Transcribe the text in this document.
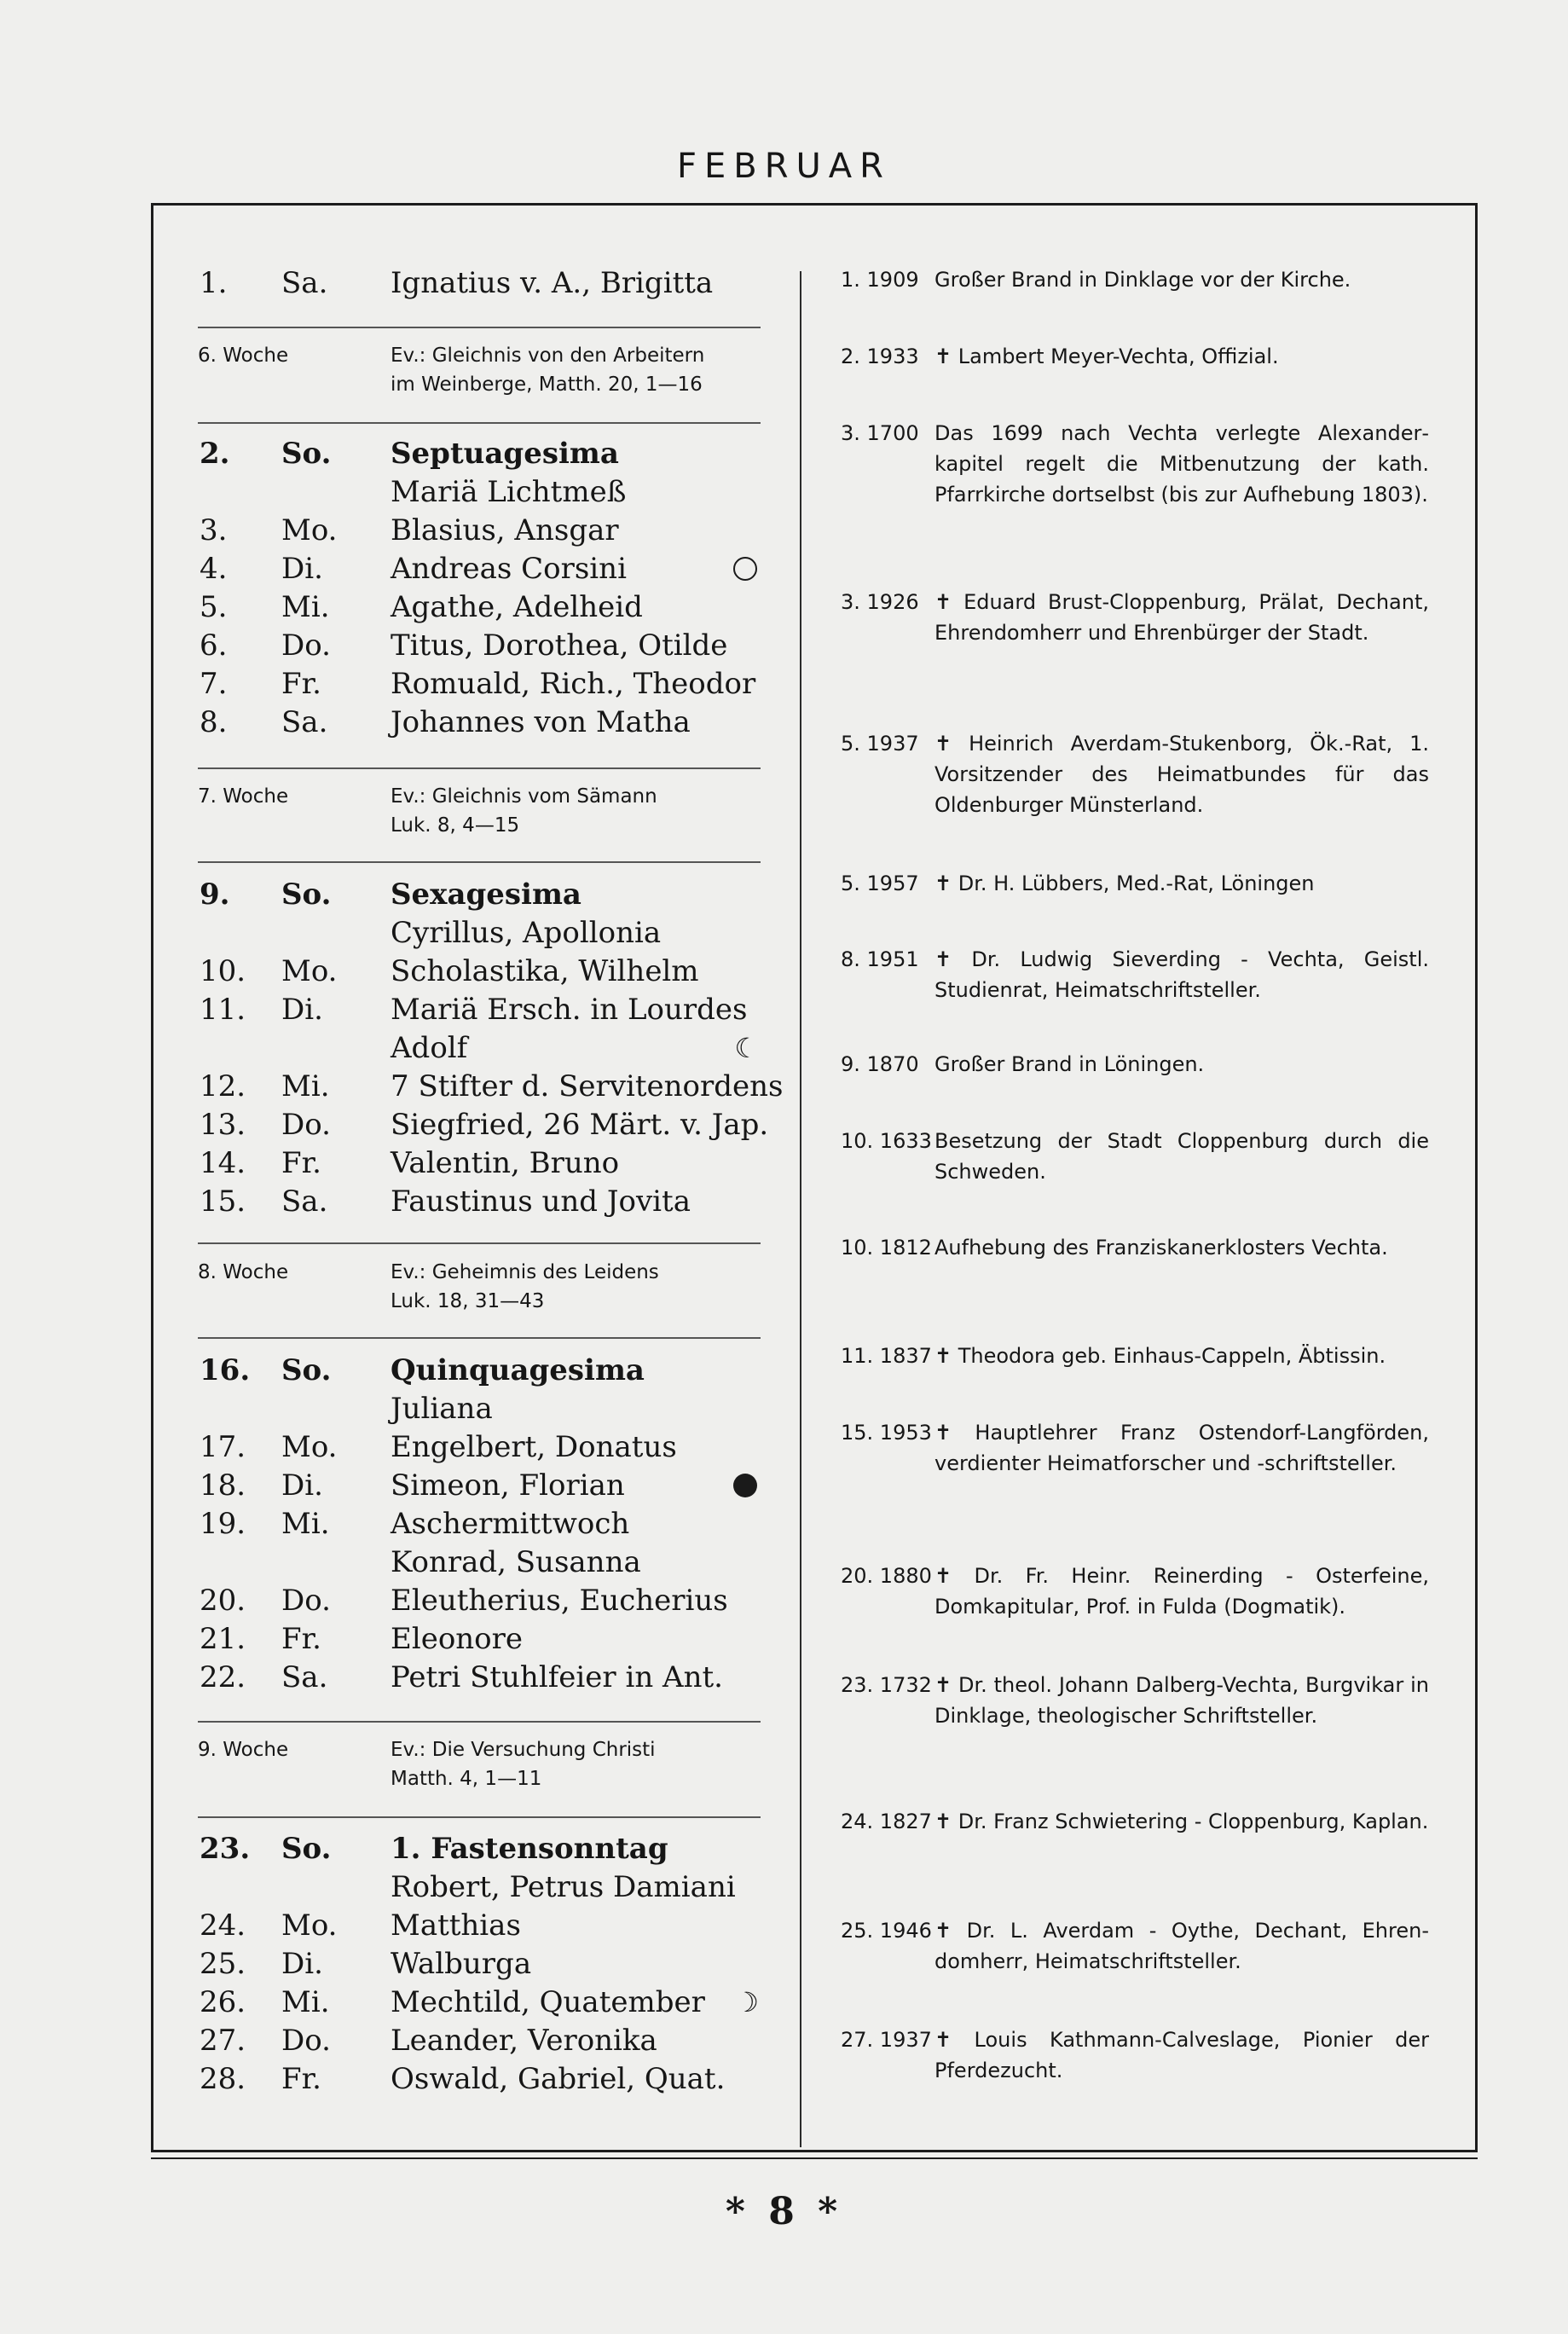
FEBRUAR
1. Sa. Ignatius v. A., Brigitta
6. Woche	Ev.: Gleichnis von den Arbeitern
im Weinberge, Matth. 20, 1—16
2. So. Septuagesima
Mariä Lichtmeß
3. Mo. Blasius, Ansgar
4. Di. Andreas Corsini
5. Mi. Agathe, Adelheid
6. Do. Titus, Dorothea, Otilde
7. Fr. Romuald, Rich., Theodor
8. Sa. Johannes von Matha
7. Woche	Ev.: Gleichnis vom Sämann
Luk. 8, 4—15
9. So. Sexagesima
Cyrillus, Apollonia
10. Mo. Scholastika, Wilhelm
11. Di. Mariä Ersch. in Lourdes
Adolf	☾
12. Mi. 7 Stifter d. Servitenordens
13. Do. Siegfried, 26 Märt. v. Jap.
14. Fr. Valentin, Bruno
15. Sa. Faustinus und Jovita
8. Woche	Ev.: Geheimnis des Leidens
Luk. 18, 31—43
16. So. Quinquagesima
Juliana
17. Mo. Engelbert, Donatus
18. Di. Simeon, Florian
19. Mi. Aschermittwoch
Konrad, Susanna
20. Do. Eleutherius, Eucherius
21. Fr. Eleonore
22. Sa. Petri Stuhlfeier in Ant.
9. Woche	Ev.: Die Versuchung Christi
Matth. 4, 1—11
23. So. 1. Fastensonntag
Robert, Petrus Damiani
24. Mo. Matthias
25. Di. Walburga
26. Mi. Mechtild, Quatember ☽
27. Do. Leander, Veronika
28. Fr. Oswald, Gabriel, Quat.
1. 1909 Großer Brand in Dinklage vor der Kirche.
2. 1933 ✝ Lambert Meyer-Vechta, Offizial.
3. 1700 Das 1699 nach Vechta verlegte Alexanderkapitel regelt die Mitbenutzung der kath. Pfarrkirche dortselbst (bis zur Aufhebung 1803).
3. 1926 ✝ Eduard Brust-Cloppenburg, Prälat, Dechant, Ehrendomherr und Ehrenbürger der Stadt.
5. 1937 ✝ Heinrich Averdam-Stukenborg, Ök.-Rat, 1. Vorsitzender des Heimatbundes für das Oldenburger Münsterland.
5. 1957 ✝ Dr. H. Lübbers, Med.-Rat, Löningen
8. 1951 ✝ Dr. Ludwig Sieverding - Vechta, Geistl. Studienrat, Heimatschriftsteller.
9. 1870 Großer Brand in Löningen.
10. 1633 Besetzung der Stadt Cloppenburg durch die Schweden.
10. 1812 Aufhebung des Franziskanerklosters Vechta.
11. 1837 ✝ Theodora geb. Einhaus-Cappeln, Äbtissin.
15. 1953 ✝ Hauptlehrer Franz Ostendorf-Langförden, verdienter Heimatforscher und -schriftsteller.
20. 1880 ✝ Dr. Fr. Heinr. Reinerding - Osterfeine, Domkapitular, Prof. in Fulda (Dogmatik).
23. 1732 ✝ Dr. theol. Johann Dalberg-Vechta, Burgvikar in Dinklage, theologischer Schriftsteller.
24. 1827 ✝ Dr. Franz Schwietering - Cloppenburg, Kaplan.
25. 1946 ✝ Dr. L. Averdam - Oythe, Dechant, Ehrendomherr, Heimatschriftsteller.
27. 1937 ✝ Louis Kathmann-Calveslage, Pionier der Pferdezucht.
* 8 *
